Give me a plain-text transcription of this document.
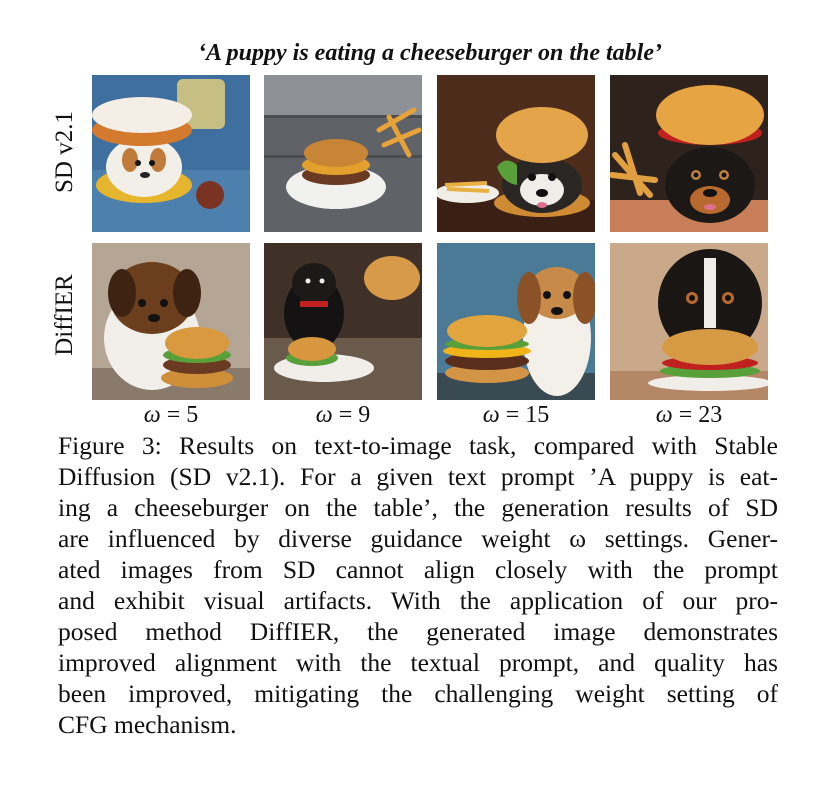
‘A puppy is eating a cheeseburger on the table’
SD v2.1
DiffIER
ω = 5	ω = 9	ω = 15	ω = 23
Figure 3: Results on text-to-image task, compared with Stable
Diffusion (SD v2.1). For a given text prompt ’A puppy is eat-
ing a cheeseburger on the table’, the generation results of SD
are influenced by diverse guidance weight ω settings. Gener-
ated images from SD cannot align closely with the prompt
and exhibit visual artifacts. With the application of our pro-
posed method DiffIER, the generated image demonstrates
improved alignment with the textual prompt, and quality has
been improved, mitigating the challenging weight setting of
CFG mechanism.
